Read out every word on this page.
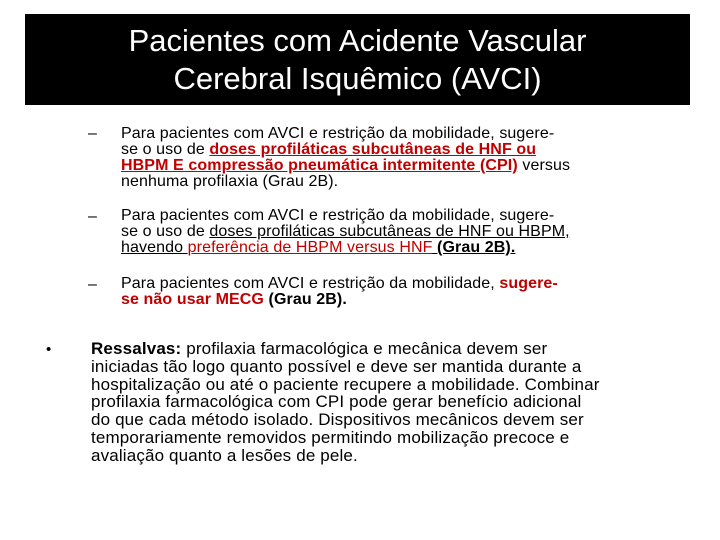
Pacientes com Acidente Vascular
Cerebral Isquêmico (AVCI)
– Para pacientes com AVCI e restrição da mobilidade, sugere-
se o uso de doses profiláticas subcutâneas de HNF ou
HBPM E compressão pneumática intermitente (CPI) versus
nenhuma profilaxia (Grau 2B).
– Para pacientes com AVCI e restrição da mobilidade, sugere-
se o uso de doses profiláticas subcutâneas de HNF ou HBPM,
havendo preferência de HBPM versus HNF (Grau 2B).
– Para pacientes com AVCI e restrição da mobilidade, sugere-
se não usar MECG (Grau 2B).
• Ressalvas: profilaxia farmacológica e mecânica devem ser
iniciadas tão logo quanto possível e deve ser mantida durante a
hospitalização ou até o paciente recupere a mobilidade. Combinar
profilaxia farmacológica com CPI pode gerar benefício adicional
do que cada método isolado. Dispositivos mecânicos devem ser
temporariamente removidos permitindo mobilização precoce e
avaliação quanto a lesões de pele.
